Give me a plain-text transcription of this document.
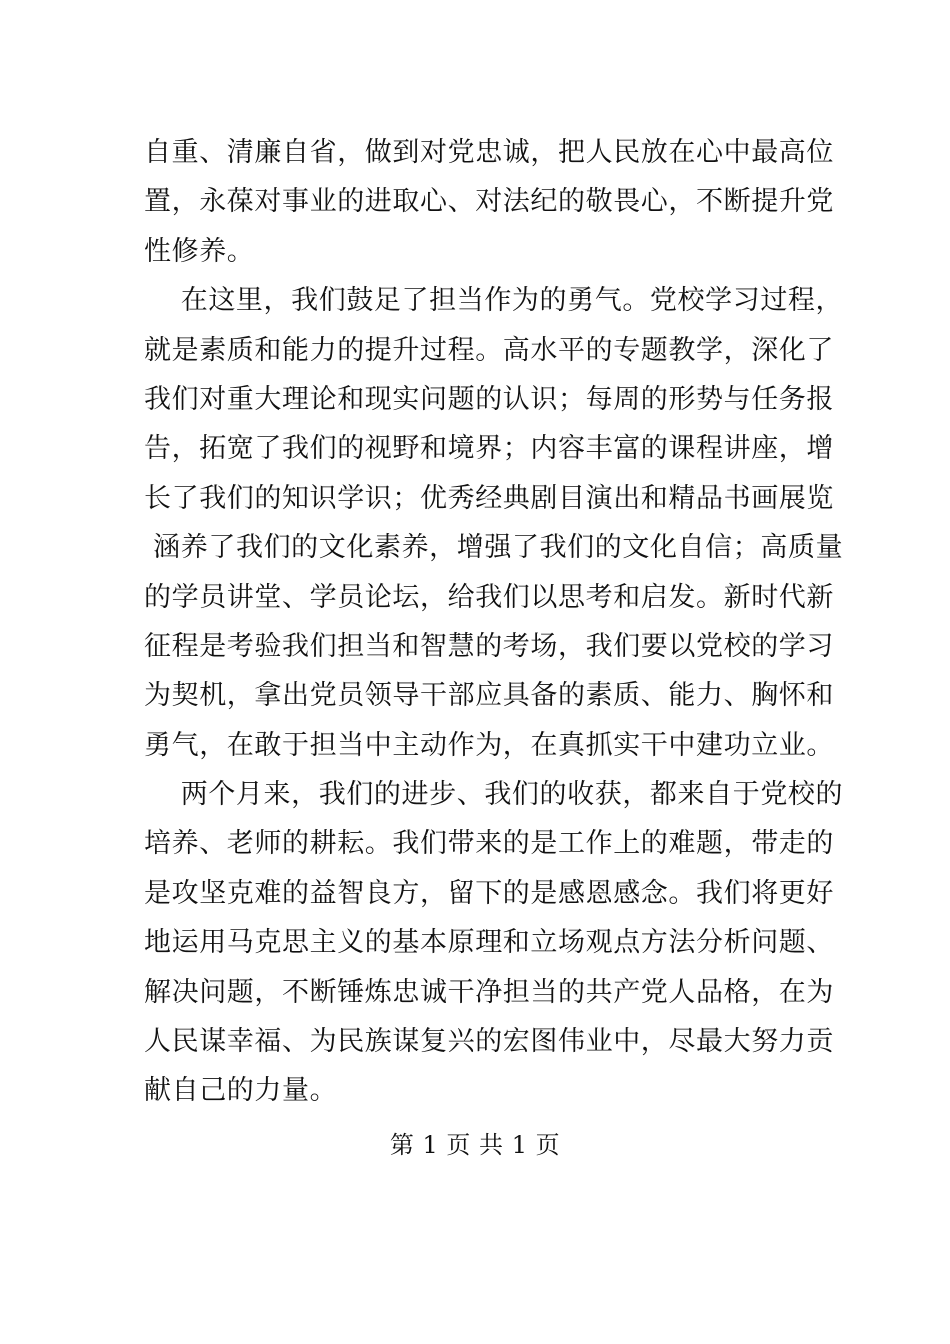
自重、清廉自省，做到对党忠诚，把人民放在心中最高位
置，永葆对事业的进取心、对法纪的敬畏心，不断提升党
性修养。
在这里，我们鼓足了担当作为的勇气。党校学习过程，
就是素质和能力的提升过程。高水平的专题教学，深化了
我们对重大理论和现实问题的认识；每周的形势与任务报
告，拓宽了我们的视野和境界；内容丰富的课程讲座，增
长了我们的知识学识；优秀经典剧目演出和精品书画展览
涵养了我们的文化素养，增强了我们的文化自信；高质量
的学员讲堂、学员论坛，给我们以思考和启发。新时代新
征程是考验我们担当和智慧的考场，我们要以党校的学习
为契机，拿出党员领导干部应具备的素质、能力、胸怀和
勇气，在敢于担当中主动作为，在真抓实干中建功立业。
两个月来，我们的进步、我们的收获，都来自于党校的
培养、老师的耕耘。我们带来的是工作上的难题，带走的
是攻坚克难的益智良方，留下的是感恩感念。我们将更好
地运用马克思主义的基本原理和立场观点方法分析问题、
解决问题，不断锤炼忠诚干净担当的共产党人品格，在为
人民谋幸福、为民族谋复兴的宏图伟业中，尽最大努力贡
献自己的力量。
第 1 页 共 1 页
